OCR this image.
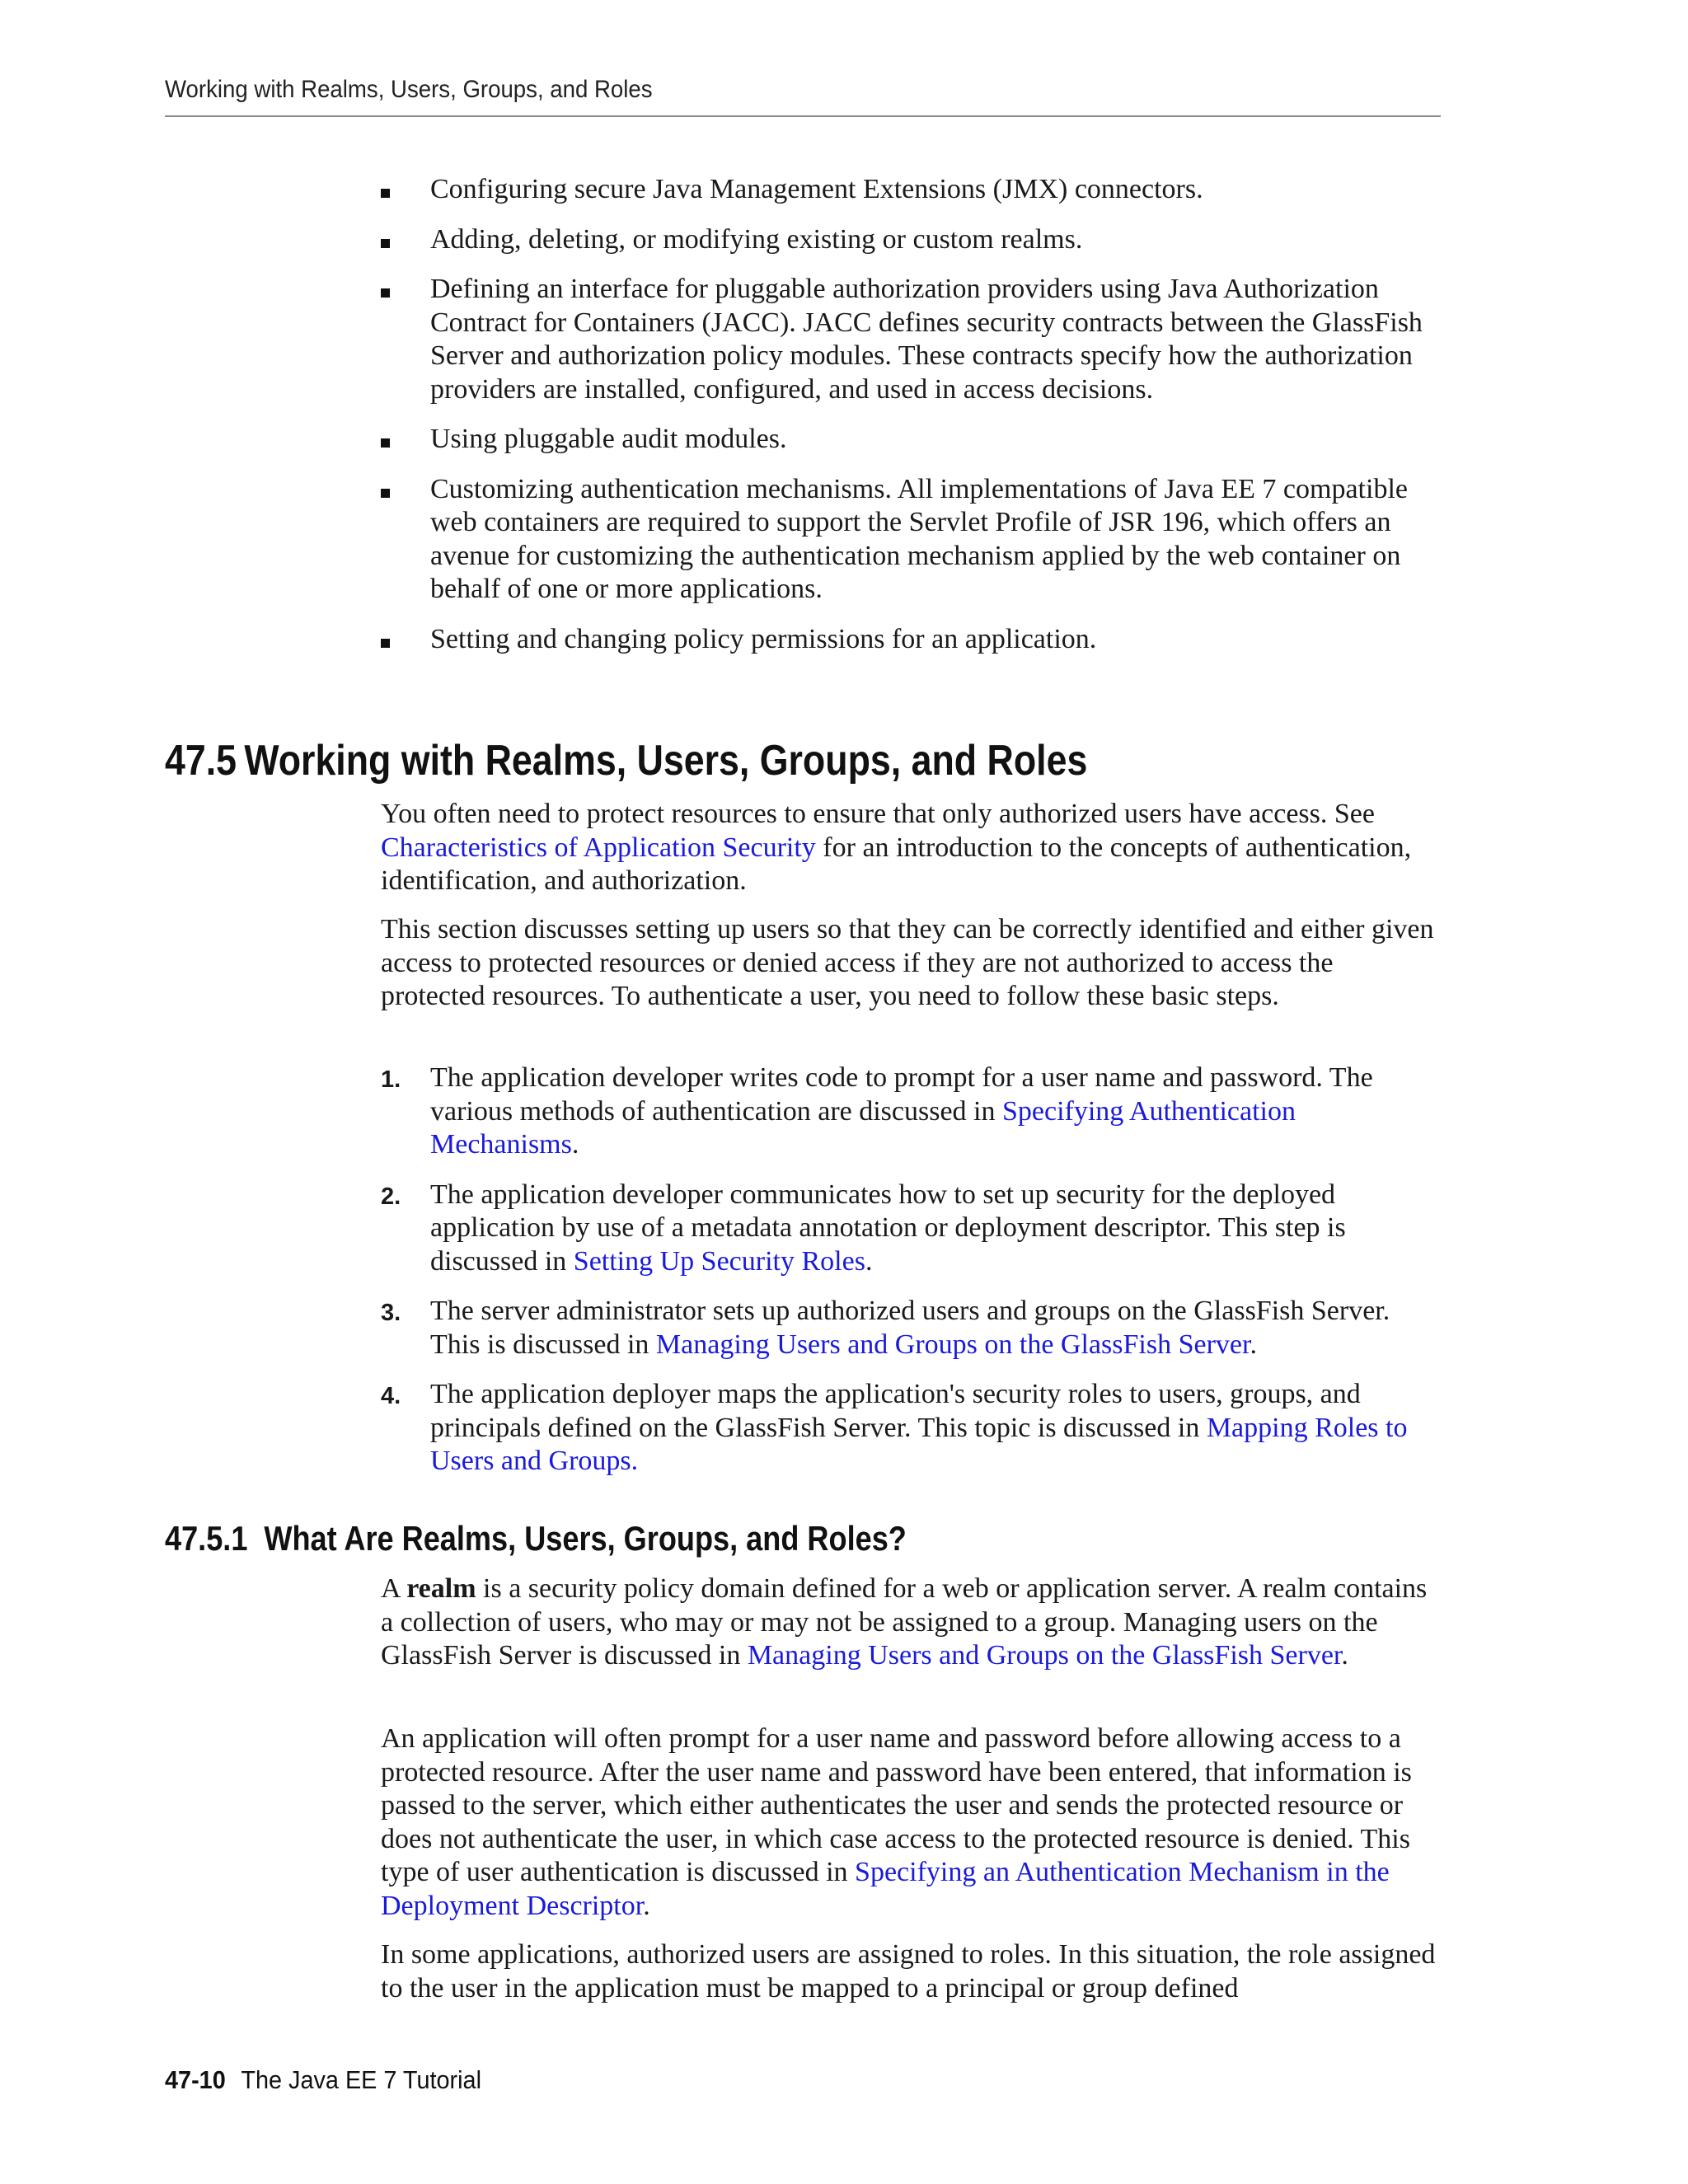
Working with Realms, Users, Groups, and Roles
Configuring secure Java Management Extensions (JMX) connectors.
Adding, deleting, or modifying existing or custom realms.
Defining an interface for pluggable authorization providers using Java Authorization Contract for Containers (JACC). JACC defines security contracts between the GlassFish Server and authorization policy modules. These contracts specify how the authorization providers are installed, configured, and used in access decisions.
Using pluggable audit modules.
Customizing authentication mechanisms. All implementations of Java EE 7 compatible web containers are required to support the Servlet Profile of JSR 196, which offers an avenue for customizing the authentication mechanism applied by the web container on behalf of one or more applications.
Setting and changing policy permissions for an application.
47.5 Working with Realms, Users, Groups, and Roles

You often need to protect resources to ensure that only authorized users have access. See Characteristics of Application Security for an introduction to the concepts of authentication, identification, and authorization.

This section discusses setting up users so that they can be correctly identified and either given access to protected resources or denied access if they are not authorized to access the protected resources. To authenticate a user, you need to follow these basic steps.

1. The application developer writes code to prompt for a user name and password. The various methods of authentication are discussed in Specifying Authentication Mechanisms.
2. The application developer communicates how to set up security for the deployed application by use of a metadata annotation or deployment descriptor. This step is discussed in Setting Up Security Roles.
3. The server administrator sets up authorized users and groups on the GlassFish Server. This is discussed in Managing Users and Groups on the GlassFish Server.
4. The application deployer maps the application's security roles to users, groups, and principals defined on the GlassFish Server. This topic is discussed in Mapping Roles to Users and Groups.
47.5.1 What Are Realms, Users, Groups, and Roles?

A realm is a security policy domain defined for a web or application server. A realm contains a collection of users, who may or may not be assigned to a group. Managing users on the GlassFish Server is discussed in Managing Users and Groups on the GlassFish Server.

An application will often prompt for a user name and password before allowing access to a protected resource. After the user name and password have been entered, that information is passed to the server, which either authenticates the user and sends the protected resource or does not authenticate the user, in which case access to the protected resource is denied. This type of user authentication is discussed in Specifying an Authentication Mechanism in the Deployment Descriptor.

In some applications, authorized users are assigned to roles. In this situation, the role assigned to the user in the application must be mapped to a principal or group defined

47-10 The Java EE 7 Tutorial
